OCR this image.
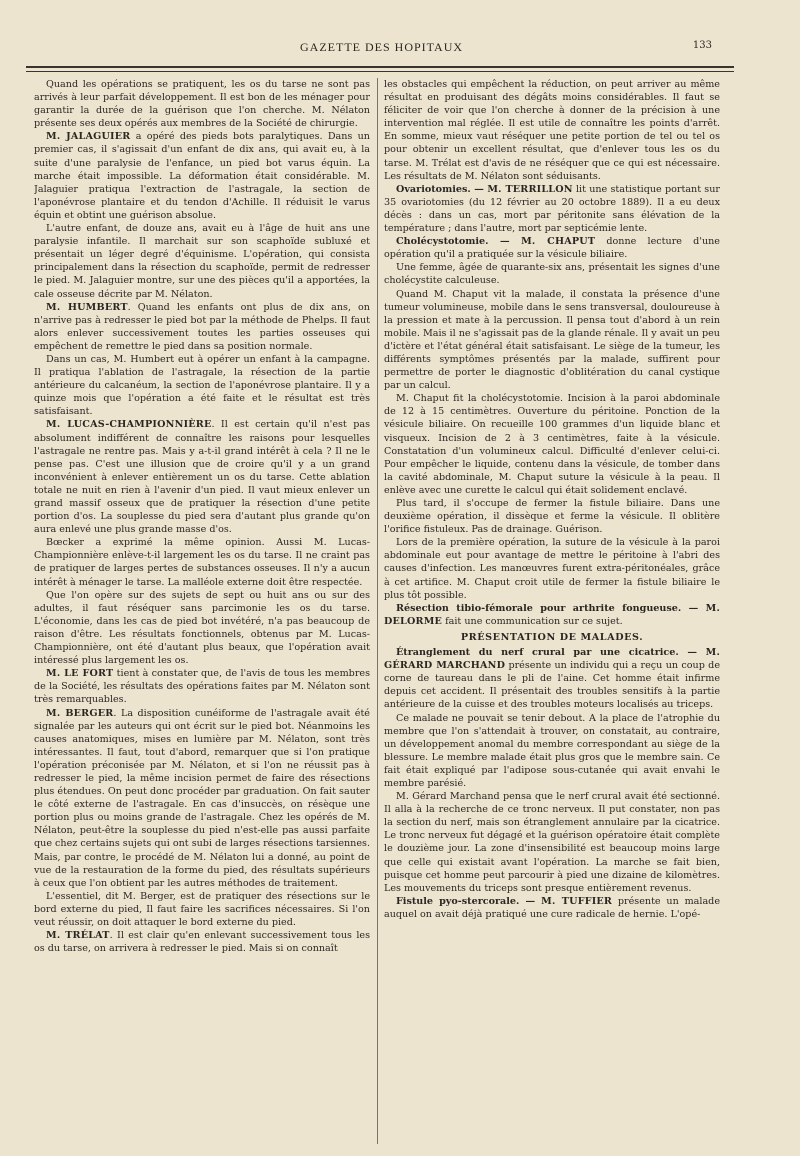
GAZETTE DES HOPITAUX	133

Quand les opérations se pratiquent, les os du tarse ne sont pas arrivés à leur parfait développement. Il est bon de les ménager pour garantir la durée de la guérison que l'on cherche. M. Nélaton présente ses deux opérés aux membres de la Société de chirurgie.

M. JALAGUIER a opéré des pieds bots paralytiques. Dans un premier cas, il s'agissait d'un enfant de dix ans, qui avait eu, à la suite d'une paralysie de l'enfance, un pied bot varus équin. La marche était impossible. La déformation était considérable. M. Jalaguier pratiqua l'extraction de l'astragale, la section de l'aponévrose plantaire et du tendon d'Achille. Il réduisit le varus équin et obtint une guérison absolue.

L'autre enfant, de douze ans, avait eu à l'âge de huit ans une paralysie infantile. Il marchait sur son scaphoïde subluxé et présentait un léger degré d'équinisme. L'opération, qui consista principalement dans la résection du scaphoïde, permit de redresser le pied. M. Jalaguier montre, sur une des pièces qu'il a apportées, la cale osseuse décrite par M. Nélaton.

M. HUMBERT. Quand les enfants ont plus de dix ans, on n'arrive pas à redresser le pied bot par la méthode de Phelps. Il faut alors enlever successivement toutes les parties osseuses qui empêchent de remettre le pied dans sa position normale.

Dans un cas, M. Humbert eut à opérer un enfant à la campagne. Il pratiqua l'ablation de l'astragale, la résection de la partie antérieure du calcanéum, la section de l'aponévrose plantaire. Il y a quinze mois que l'opération a été faite et le résultat est très satisfaisant.

M. LUCAS-CHAMPIONNIÈRE. Il est certain qu'il n'est pas absolument indifférent de connaître les raisons pour lesquelles l'astragale ne rentre pas. Mais y a-t-il grand intérêt à cela ? Il ne le pense pas. C'est une illusion que de croire qu'il y a un grand inconvénient à enlever entièrement un os du tarse. Cette ablation totale ne nuit en rien à l'avenir d'un pied. Il vaut mieux enlever un grand massif osseux que de pratiquer la résection d'une petite portion d'os. La souplesse du pied sera d'autant plus grande qu'on aura enlevé une plus grande masse d'os.

Bœcker a exprimé la même opinion. Aussi M. Lucas-Championnière enlève-t-il largement les os du tarse. Il ne craint pas de pratiquer de larges pertes de substances osseuses. Il n'y a aucun intérêt à ménager le tarse. La malléole externe doit être respectée.

Que l'on opère sur des sujets de sept ou huit ans ou sur des adultes, il faut réséquer sans parcimonie les os du tarse. L'économie, dans les cas de pied bot invétéré, n'a pas beaucoup de raison d'être. Les résultats fonctionnels, obtenus par M. Lucas-Championnière, ont été d'autant plus beaux, que l'opération avait intéressé plus largement les os.

M. LE FORT tient à constater que, de l'avis de tous les membres de la Société, les résultats des opérations faites par M. Nélaton sont très remarquables.

M. BERGER. La disposition cunéiforme de l'astragale avait été signalée par les auteurs qui ont écrit sur le pied bot. Néanmoins les causes anatomiques, mises en lumière par M. Nélaton, sont très intéressantes. Il faut, tout d'abord, remarquer que si l'on pratique l'opération préconisée par M. Nélaton, et si l'on ne réussit pas à redresser le pied, la même incision permet de faire des résections plus étendues. On peut donc procéder par graduation. On fait sauter le côté externe de l'astragale. En cas d'insuccès, on résèque une portion plus ou moins grande de l'astragale. Chez les opérés de M. Nélaton, peut-être la souplesse du pied n'est-elle pas aussi parfaite que chez certains sujets qui ont subi de larges résections tarsiennes. Mais, par contre, le procédé de M. Nélaton lui a donné, au point de vue de la restauration de la forme du pied, des résultats supérieurs à ceux que l'on obtient par les autres méthodes de traitement.

L'essentiel, dit M. Berger, est de pratiquer des résections sur le bord externe du pied, Il faut faire les sacrifices nécessaires. Si l'on veut réussir, on doit attaquer le bord externe du pied.

M. TRÉLAT. Il est clair qu'en enlevant successivement tous les os du tarse, on arrivera à redresser le pied. Mais si on connaît

les obstacles qui empêchent la réduction, on peut arriver au même résultat en produisant des dégâts moins considérables. Il faut se féliciter de voir que l'on cherche à donner de la précision à une intervention mal réglée. Il est utile de connaître les points d'arrêt. En somme, mieux vaut réséquer une petite portion de tel ou tel os pour obtenir un excellent résultat, que d'enlever tous les os du tarse. M. Trélat est d'avis de ne réséquer que ce qui est nécessaire. Les résultats de M. Nélaton sont séduisants.

Ovariotomies. — M. TERRILLON lit une statistique portant sur 35 ovariotomies (du 12 février au 20 octobre 1889). Il a eu deux décès : dans un cas, mort par péritonite sans élévation de la température ; dans l'autre, mort par septicémie lente.

Cholécystotomie. — M. CHAPUT donne lecture d'une opération qu'il a pratiquée sur la vésicule biliaire.

Une femme, âgée de quarante-six ans, présentait les signes d'une cholécystite calculeuse.

Quand M. Chaput vit la malade, il constata la présence d'une tumeur volumineuse, mobile dans le sens transversal, douloureuse à la pression et mate à la percussion. Il pensa tout d'abord à un rein mobile. Mais il ne s'agissait pas de la glande rénale. Il y avait un peu d'ictère et l'état général était satisfaisant. Le siège de la tumeur, les différents symptômes présentés par la malade, suffirent pour permettre de porter le diagnostic d'oblitération du canal cystique par un calcul.

M. Chaput fit la cholécystotomie. Incision à la paroi abdominale de 12 à 15 centimètres. Ouverture du péritoine. Ponction de la vésicule biliaire. On recueille 100 grammes d'un liquide blanc et visqueux. Incision de 2 à 3 centimètres, faite à la vésicule. Constatation d'un volumineux calcul. Difficulté d'enlever celui-ci. Pour empêcher le liquide, contenu dans la vésicule, de tomber dans la cavité abdominale, M. Chaput suture la vésicule à la peau. Il enlève avec une curette le calcul qui était solidement enclavé.

Plus tard, il s'occupe de fermer la fistule biliaire. Dans une deuxième opération, il dissèque et ferme la vésicule. Il oblitère l'orifice fistuleux. Pas de drainage. Guérison.

Lors de la première opération, la suture de la vésicule à la paroi abdominale eut pour avantage de mettre le péritoine à l'abri des causes d'infection. Les manœuvres furent extra-péritonéales, grâce à cet artifice. M. Chaput croit utile de fermer la fistule biliaire le plus tôt possible.

Résection tibio-fémorale pour arthrite fongueuse. — M. DELORME fait une communication sur ce sujet.

PRÉSENTATION DE MALADES.

Étranglement du nerf crural par une cicatrice. — M. GÉRARD MARCHAND présente un individu qui a reçu un coup de corne de taureau dans le pli de l'aine. Cet homme était infirme depuis cet accident. Il présentait des troubles sensitifs à la partie antérieure de la cuisse et des troubles moteurs localisés au triceps.

Ce malade ne pouvait se tenir debout. A la place de l'atrophie du membre que l'on s'attendait à trouver, on constatait, au contraire, un développement anomal du membre correspondant au siège de la blessure. Le membre malade était plus gros que le membre sain. Ce fait était expliqué par l'adipose sous-cutanée qui avait envahi le membre parésié.

M. Gérard Marchand pensa que le nerf crural avait été sectionné. Il alla à la recherche de ce tronc nerveux. Il put constater, non pas la section du nerf, mais son étranglement annulaire par la cicatrice. Le tronc nerveux fut dégagé et la guérison opératoire était complète le douzième jour. La zone d'insensibilité est beaucoup moins large que celle qui existait avant l'opération. La marche se fait bien, puisque cet homme peut parcourir à pied une dizaine de kilomètres. Les mouvements du triceps sont presque entièrement revenus.

Fistule pyo-stercorale. — M. TUFFIER présente un malade auquel on avait déjà pratiqué une cure radicale de hernie. L'opé-
